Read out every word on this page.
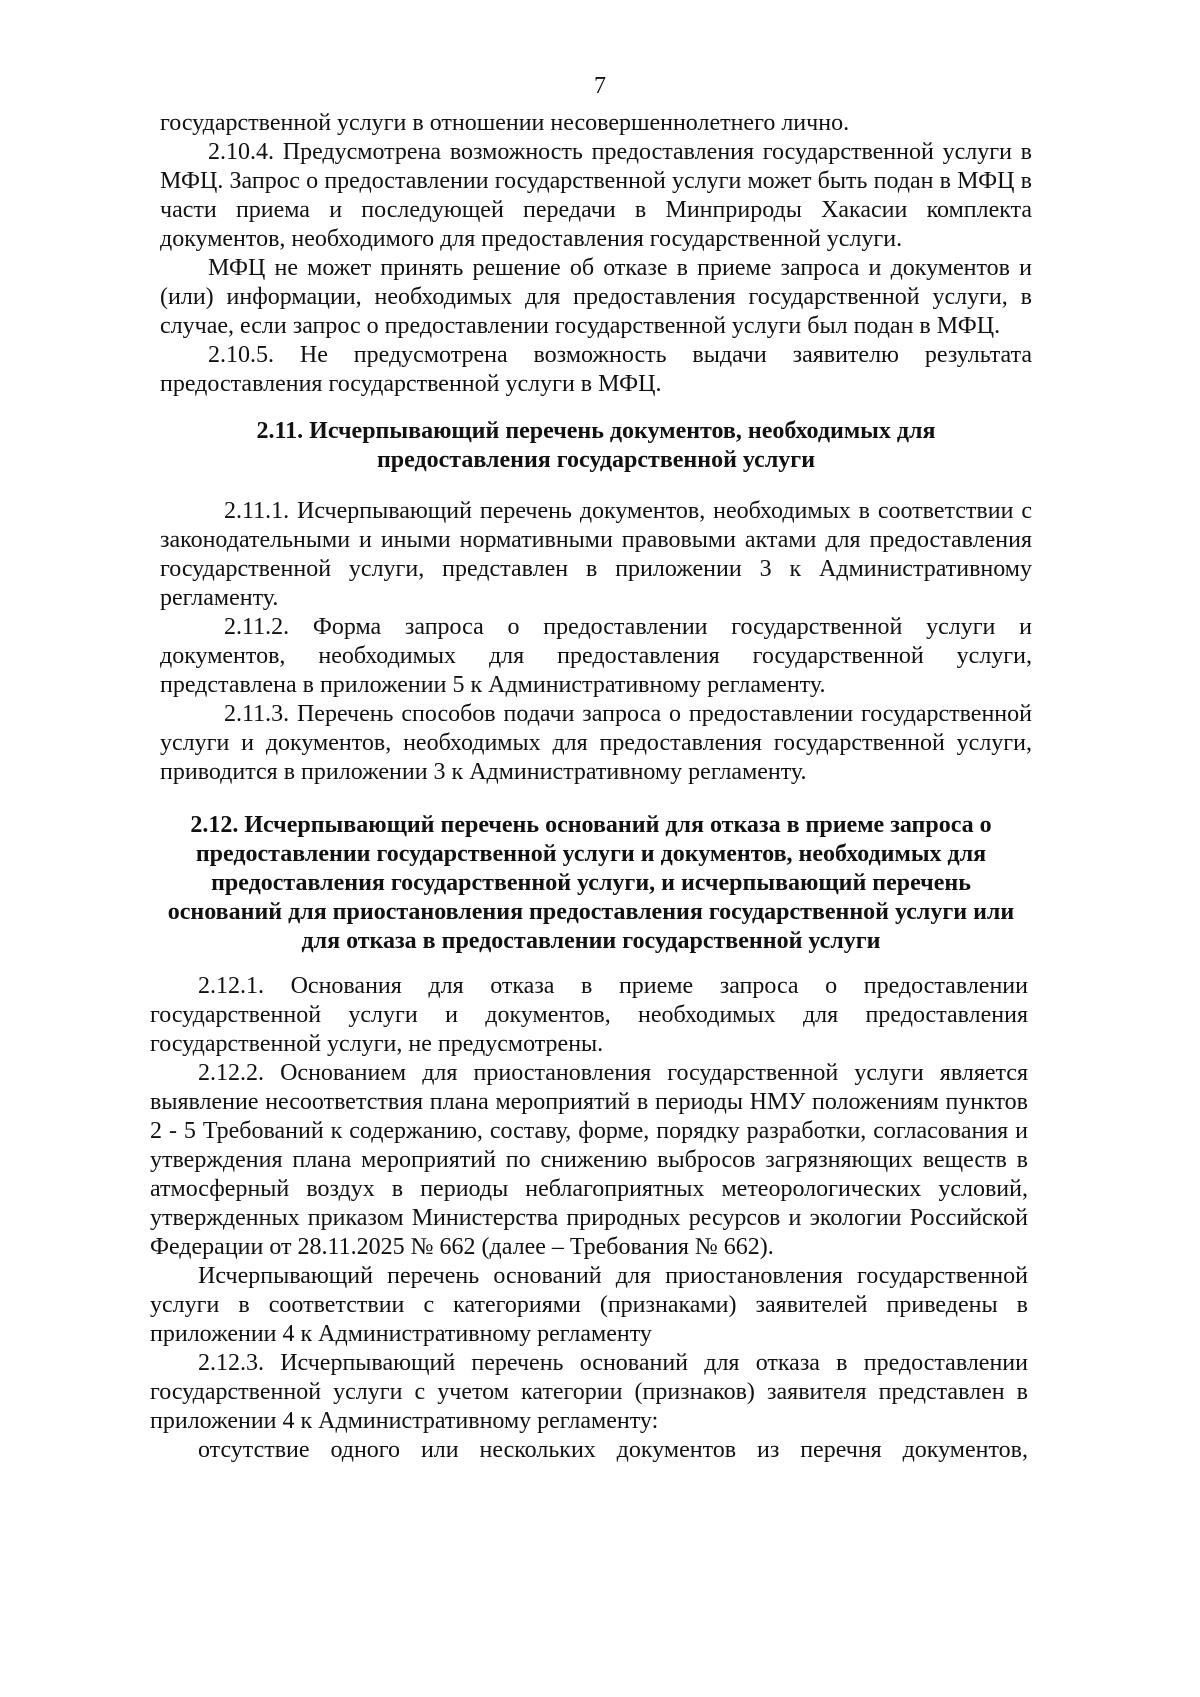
7

государственной услуги в отношении несовершеннолетнего лично.

2.10.4. Предусмотрена возможность предоставления государственной услуги в МФЦ. Запрос о предоставлении государственной услуги может быть подан в МФЦ в части приема и последующей передачи в Минприроды Хакасии комплекта документов, необходимого для предоставления государственной услуги.

МФЦ не может принять решение об отказе в приеме запроса и документов и (или) информации, необходимых для предоставления государственной услуги, в случае, если запрос о предоставлении государственной услуги был подан в МФЦ.

2.10.5. Не предусмотрена возможность выдачи заявителю результата предоставления государственной услуги в МФЦ.

2.11. Исчерпывающий перечень документов, необходимых для предоставления государственной услуги

2.11.1. Исчерпывающий перечень документов, необходимых в соответствии с законодательными и иными нормативными правовыми актами для предоставления государственной услуги, представлен в приложении 3 к Административному регламенту.

2.11.2. Форма запроса о предоставлении государственной услуги и документов, необходимых для предоставления государственной услуги, представлена в приложении 5 к Административному регламенту.

2.11.3. Перечень способов подачи запроса о предоставлении государственной услуги и документов, необходимых для предоставления государственной услуги, приводится в приложении 3 к Административному регламенту.

2.12. Исчерпывающий перечень оснований для отказа в приеме запроса о предоставлении государственной услуги и документов, необходимых для предоставления государственной услуги, и исчерпывающий перечень оснований для приостановления предоставления государственной услуги или для отказа в предоставлении государственной услуги

2.12.1. Основания для отказа в приеме запроса о предоставлении государственной услуги и документов, необходимых для предоставления государственной услуги, не предусмотрены.

2.12.2. Основанием для приостановления государственной услуги является выявление несоответствия плана мероприятий в периоды НМУ положениям пунктов 2 - 5 Требований к содержанию, составу, форме, порядку разработки, согласования и утверждения плана мероприятий по снижению выбросов загрязняющих веществ в атмосферный воздух в периоды неблагоприятных метеорологических условий, утвержденных приказом Министерства природных ресурсов и экологии Российской Федерации от 28.11.2025 № 662 (далее – Требования № 662).

Исчерпывающий перечень оснований для приостановления государственной услуги в соответствии с категориями (признаками) заявителей приведены в приложении 4 к Административному регламенту

2.12.3. Исчерпывающий перечень оснований для отказа в предоставлении государственной услуги с учетом категории (признаков) заявителя представлен в приложении 4 к Административному регламенту:

отсутствие одного или нескольких документов из перечня документов,
